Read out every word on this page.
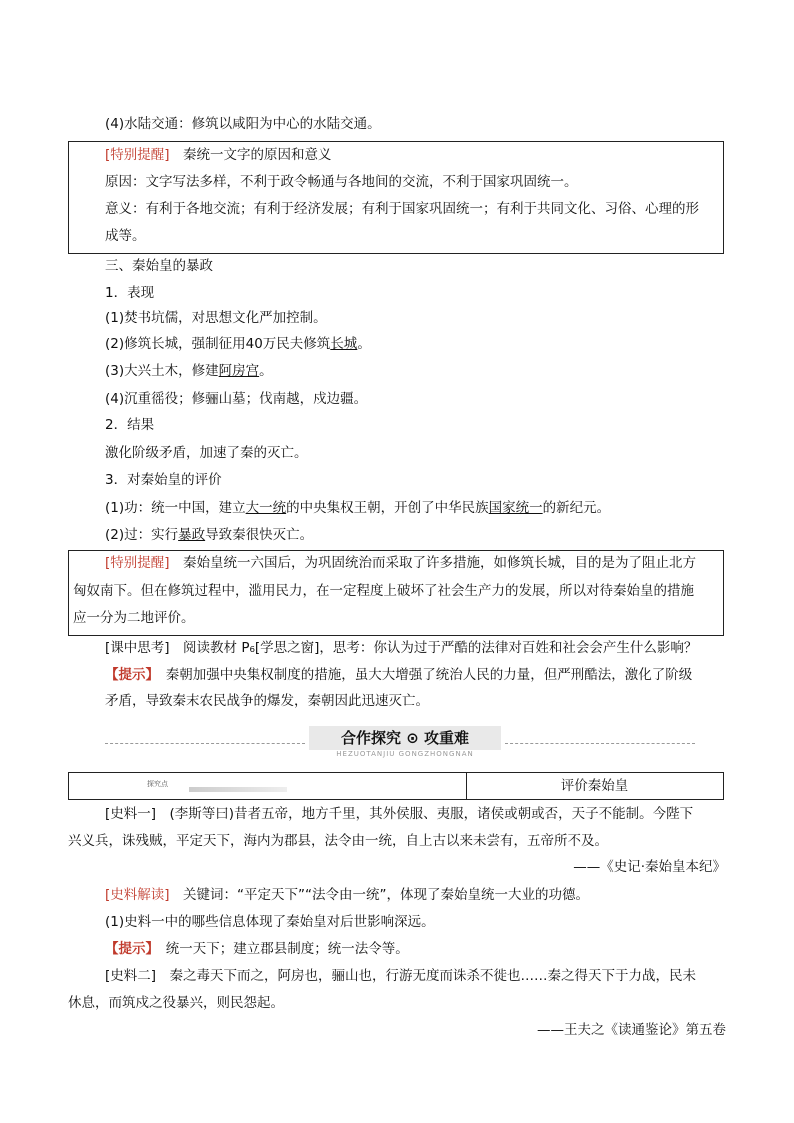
(4)水陆交通：修筑以咸阳为中心的水陆交通。
[特别提醒]　 秦统一文字的原因和意义
原因：文字写法多样，不利于政令畅通与各地间的交流，不利于国家巩固统一。
意义：有利于各地交流；有利于经济发展；有利于国家巩固统一；有利于共同文化、习俗、心理的形
成等。
三、秦始皇的暴政
1．表现
(1)焚书坑儒，对思想文化严加控制。
(2)修筑长城，强制征用40万民夫修筑长城。
(3)大兴土木，修建阿房宫。
(4)沉重徭役；修骊山墓；伐南越，戍边疆。
2．结果
激化阶级矛盾，加速了秦的灭亡。
3．对秦始皇的评价
(1)功：统一中国，建立大一统的中央集权王朝，开创了中华民族国家统一的新纪元。
(2)过：实行暴政导致秦很快灭亡。
[特别提醒]　 秦始皇统一六国后，为巩固统治而采取了许多措施，如修筑长城，目的是为了阻止北方
匈奴南下。但在修筑过程中，滥用民力，在一定程度上破坏了社会生产力的发展，所以对待秦始皇的措施
应一分为二地评价。
[课中思考]　 阅读教材 P₆[学思之窗]，思考：你认为过于严酷的法律对百姓和社会会产生什么影响？
【提示】　 秦朝加强中央集权制度的措施，虽大大增强了统治人民的力量，但严刑酷法，激化了阶级
矛盾，导致秦末农民战争的爆发，秦朝因此迅速灭亡。
合作探究 ⊙ 攻重难
HEZUOTANJIU GONGZHONGNAN
探究点	评价秦始皇
[史料一]　(李斯等曰)昔者五帝，地方千里，其外侯服、夷服，诸侯或朝或否，天子不能制。今陛下
兴义兵，诛残贼，平定天下，海内为郡县，法令由一统，自上古以来未尝有，五帝所不及。
——《史记·秦始皇本纪》
[史料解读]　 关键词：“平定天下”“法令由一统”，体现了秦始皇统一大业的功德。
(1)史料一中的哪些信息体现了秦始皇对后世影响深远。
【提示】　 统一天下；建立郡县制度；统一法令等。
[史料二]　秦之毒天下而之，阿房也，骊山也，行游无度而诛杀不徙也……秦之得天下于力战，民未
休息，而筑戍之役暴兴，则民怨起。
——王夫之《读通鉴论》第五卷
